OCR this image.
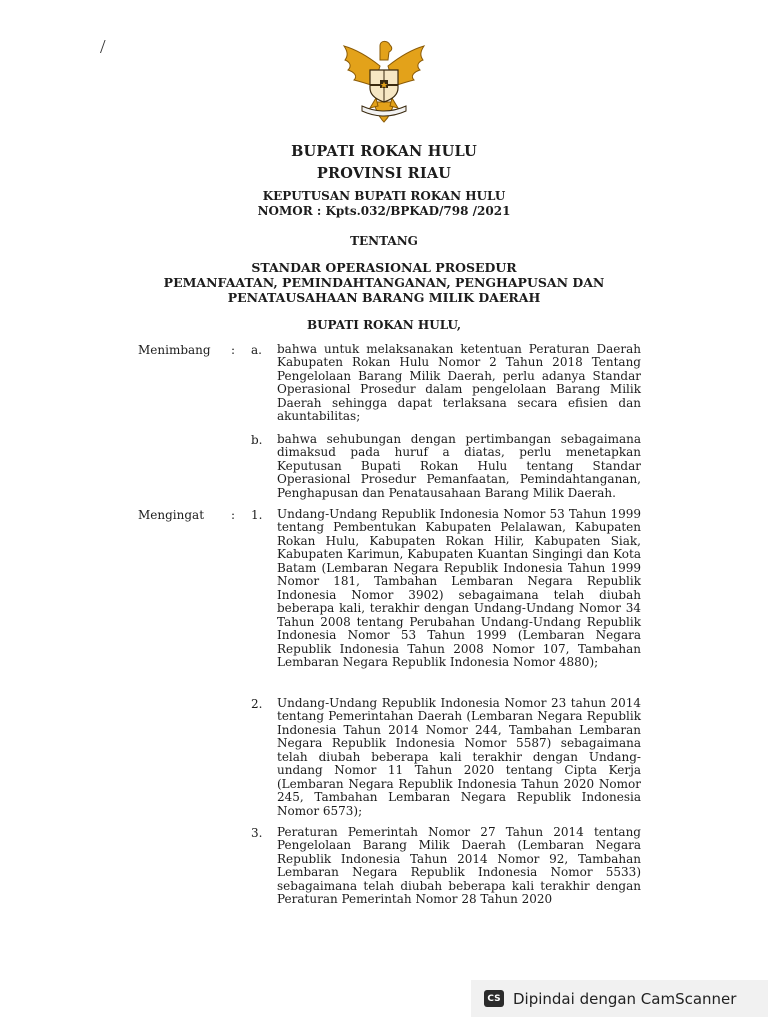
/
BUPATI ROKAN HULU
PROVINSI RIAU
KEPUTUSAN BUPATI ROKAN HULU
NOMOR : Kpts.032/BPKAD/798 /2021
TENTANG
STANDAR OPERASIONAL PROSEDUR
PEMANFAATAN, PEMINDAHTANGANAN, PENGHAPUSAN DAN
PENATAUSAHAAN BARANG MILIK DAERAH
BUPATI ROKAN HULU,
Menimbang : a. bahwa untuk melaksanakan ketentuan Peraturan Daerah Kabupaten Rokan Hulu Nomor 2 Tahun 2018 Tentang Pengelolaan Barang Milik Daerah, perlu adanya Standar Operasional Prosedur dalam pengelolaan Barang Milik Daerah sehingga dapat terlaksana secara efisien dan akuntabilitas;

b. bahwa sehubungan dengan pertimbangan sebagaimana dimaksud pada huruf a diatas, perlu menetapkan Keputusan Bupati Rokan Hulu tentang Standar Operasional Prosedur Pemanfaatan, Pemindahtanganan, Penghapusan dan Penatausahaan Barang Milik Daerah.

Mengingat : 1. Undang-Undang Republik Indonesia Nomor 53 Tahun 1999 tentang Pembentukan Kabupaten Pelalawan, Kabupaten Rokan Hulu, Kabupaten Rokan Hilir, Kabupaten Siak, Kabupaten Karimun, Kabupaten Kuantan Singingi dan Kota Batam (Lembaran Negara Republik Indonesia Tahun 1999 Nomor 181, Tambahan Lembaran Negara Republik Indonesia Nomor 3902) sebagaimana telah diubah beberapa kali, terakhir dengan Undang-Undang Nomor 34 Tahun 2008 tentang Perubahan Undang-Undang Republik Indonesia Nomor 53 Tahun 1999 (Lembaran Negara Republik Indonesia Tahun 2008 Nomor 107, Tambahan Lembaran Negara Republik Indonesia Nomor 4880);

2. Undang-Undang Republik Indonesia Nomor 23 tahun 2014 tentang Pemerintahan Daerah (Lembaran Negara Republik Indonesia Tahun 2014 Nomor 244, Tambahan Lembaran Negara Republik Indonesia Nomor 5587) sebagaimana telah diubah beberapa kali terakhir dengan Undang-undang Nomor 11 Tahun 2020 tentang Cipta Kerja (Lembaran Negara Republik Indonesia Tahun 2020 Nomor 245, Tambahan Lembaran Negara Republik Indonesia Nomor 6573);

3. Peraturan Pemerintah Nomor 27 Tahun 2014 tentang Pengelolaan Barang Milik Daerah (Lembaran Negara Republik Indonesia Tahun 2014 Nomor 92, Tambahan Lembaran Negara Republik Indonesia Nomor 5533) sebagaimana telah diubah beberapa kali terakhir dengan Peraturan Pemerintah Nomor 28 Tahun 2020

CS Dipindai dengan CamScanner
